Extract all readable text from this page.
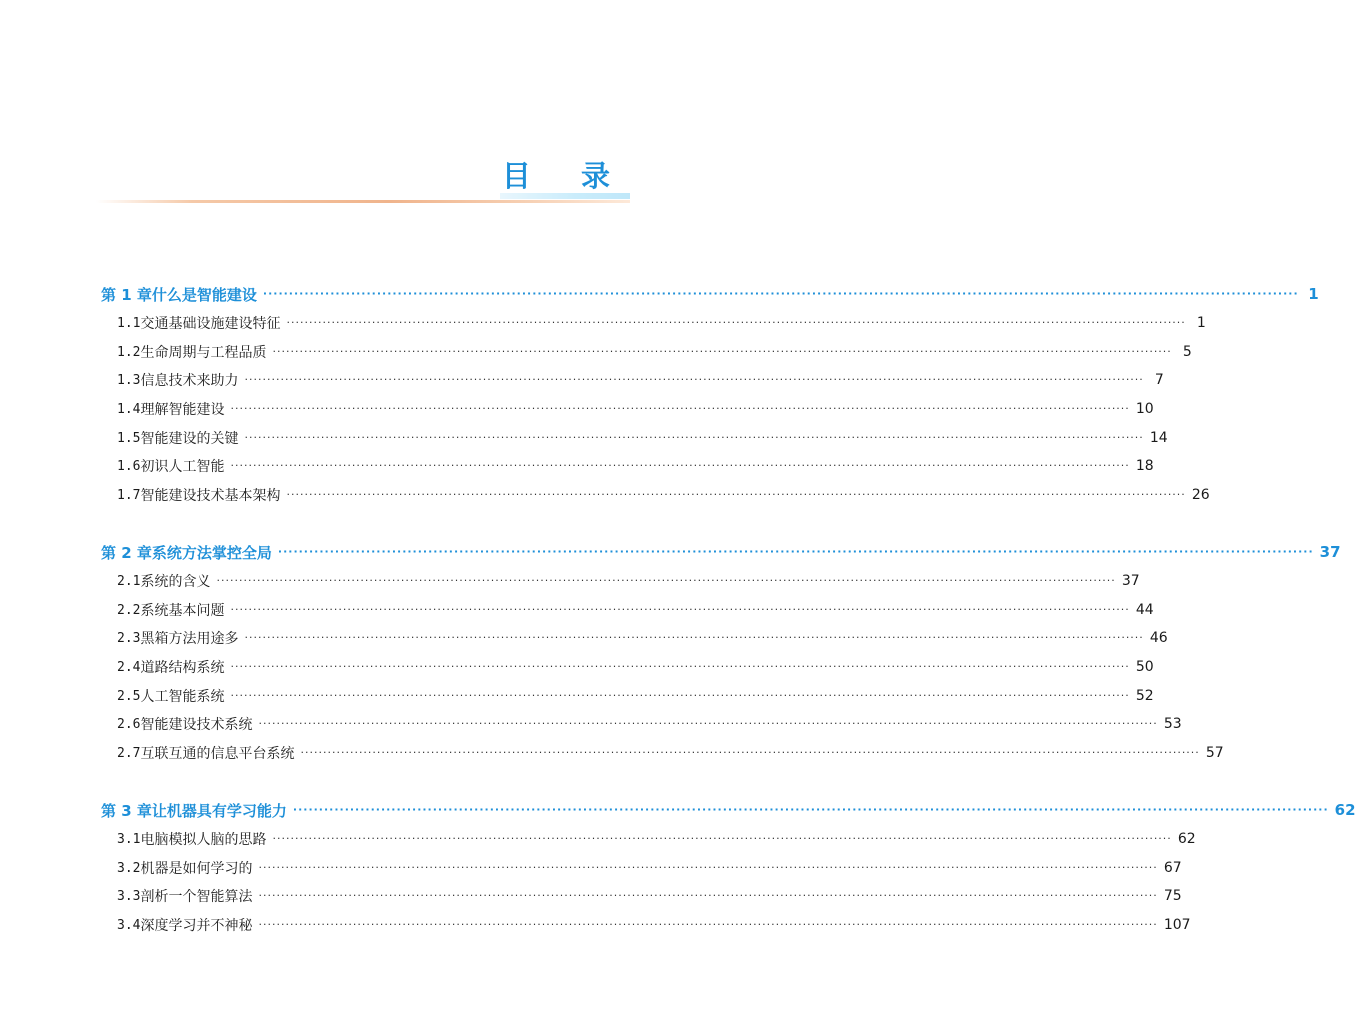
目 录
第 1 章 什么是智能建设 ········································································································································································································ 1
1.1 交通基础设施建设特征 ········································································································································································································ 1
1.2 生命周期与工程品质 ········································································································································································································ 5
1.3 信息技术来助力 ········································································································································································································ 7
1.4 理解智能建设 ········································································································································································································ 10
1.5 智能建设的关键 ········································································································································································································ 14
1.6 初识人工智能 ········································································································································································································ 18
1.7 智能建设技术基本架构 ········································································································································································································ 26
第 2 章 系统方法掌控全局 ········································································································································································································ 37
2.1 系统的含义 ········································································································································································································ 37
2.2 系统基本问题 ········································································································································································································ 44
2.3 黑箱方法用途多 ········································································································································································································ 46
2.4 道路结构系统 ········································································································································································································ 50
2.5 人工智能系统 ········································································································································································································ 52
2.6 智能建设技术系统 ········································································································································································································ 53
2.7 互联互通的信息平台系统 ········································································································································································································ 57
第 3 章 让机器具有学习能力 ········································································································································································································ 62
3.1 电脑模拟人脑的思路 ········································································································································································································ 62
3.2 机器是如何学习的 ········································································································································································································ 67
3.3 剖析一个智能算法 ········································································································································································································ 75
3.4 深度学习并不神秘 ········································································································································································································ 107
